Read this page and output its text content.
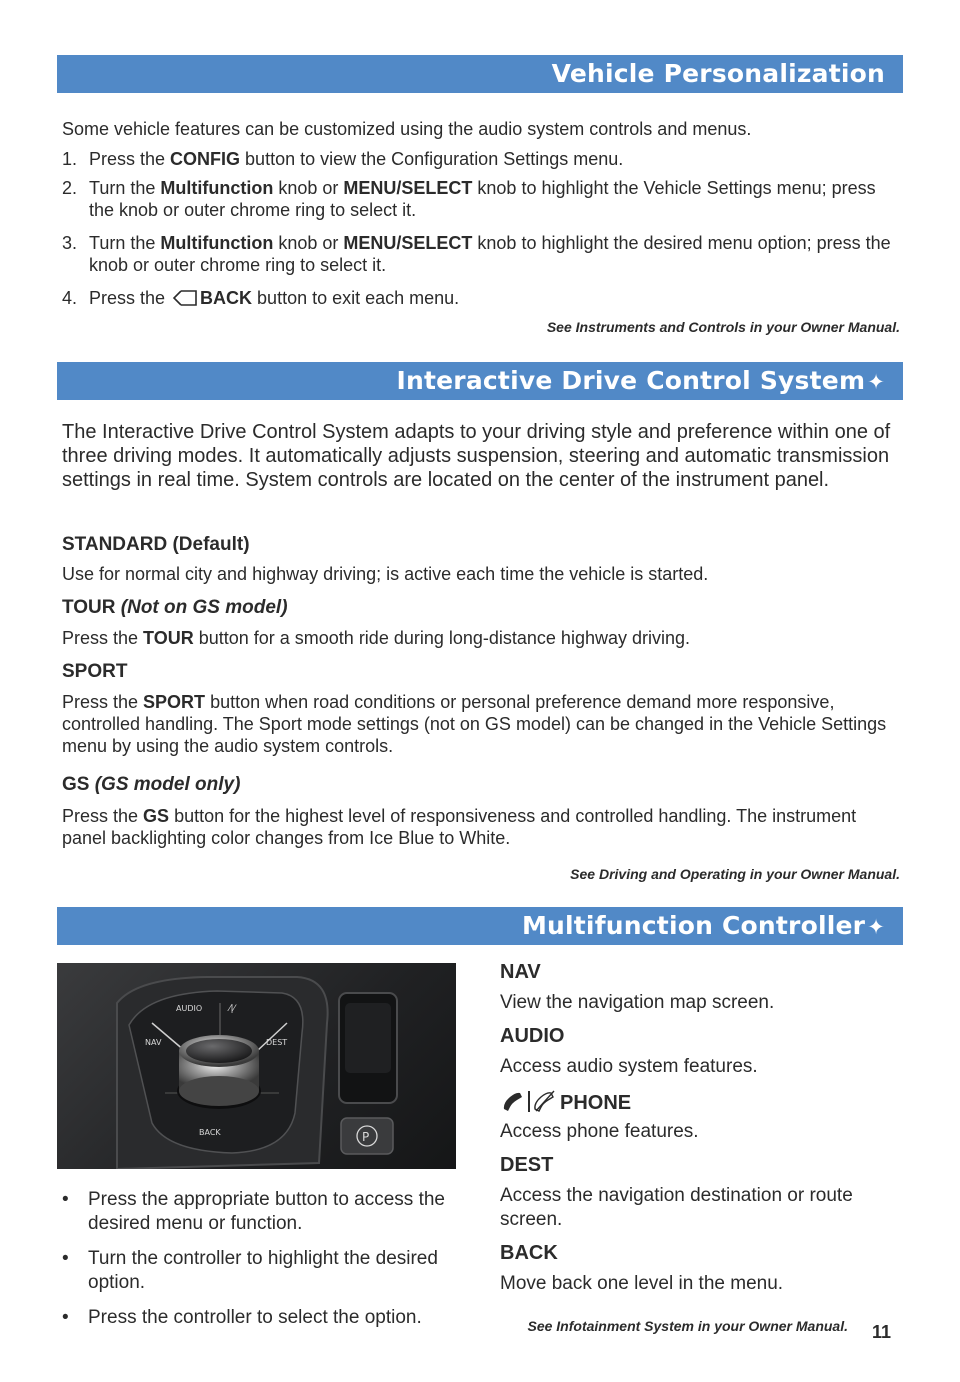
Vehicle Personalization
Some vehicle features can be customized using the audio system controls and menus.
1. Press the CONFIG button to view the Configuration Settings menu.
2. Turn the Multifunction knob or MENU/SELECT knob to highlight the Vehicle Settings menu; press the knob or outer chrome ring to select it.
3. Turn the Multifunction knob or MENU/SELECT knob to highlight the desired menu option; press the knob or outer chrome ring to select it.
4. Press the BACK button to exit each menu.
See Instruments and Controls in your Owner Manual.
Interactive Drive Control System✦
The Interactive Drive Control System adapts to your driving style and preference within one of three driving modes. It automatically adjusts suspension, steering and automatic transmission settings in real time. System controls are located on the center of the instrument panel.
STANDARD (Default)
Use for normal city and highway driving; is active each time the vehicle is started.
TOUR (Not on GS model)
Press the TOUR button for a smooth ride during long-distance highway driving.
SPORT
Press the SPORT button when road conditions or personal preference demand more responsive, controlled handling. The Sport mode settings (not on GS model) can be changed in the Vehicle Settings menu by using the audio system controls.
GS (GS model only)
Press the GS button for the highest level of responsiveness and controlled handling. The instrument panel backlighting color changes from Ice Blue to White.
See Driving and Operating in your Owner Manual.
Multifunction Controller✦
AUDIO	⁄|⁄
NAV	DEST
BACK	P
• Press the appropriate button to access the desired menu or function.
• Turn the controller to highlight the desired option.
• Press the controller to select the option.
NAV
View the navigation map screen.
AUDIO
Access audio system features.
PHONE
Access phone features.
DEST
Access the navigation destination or route screen.
BACK
Move back one level in the menu.
See Infotainment System in your Owner Manual. 11
